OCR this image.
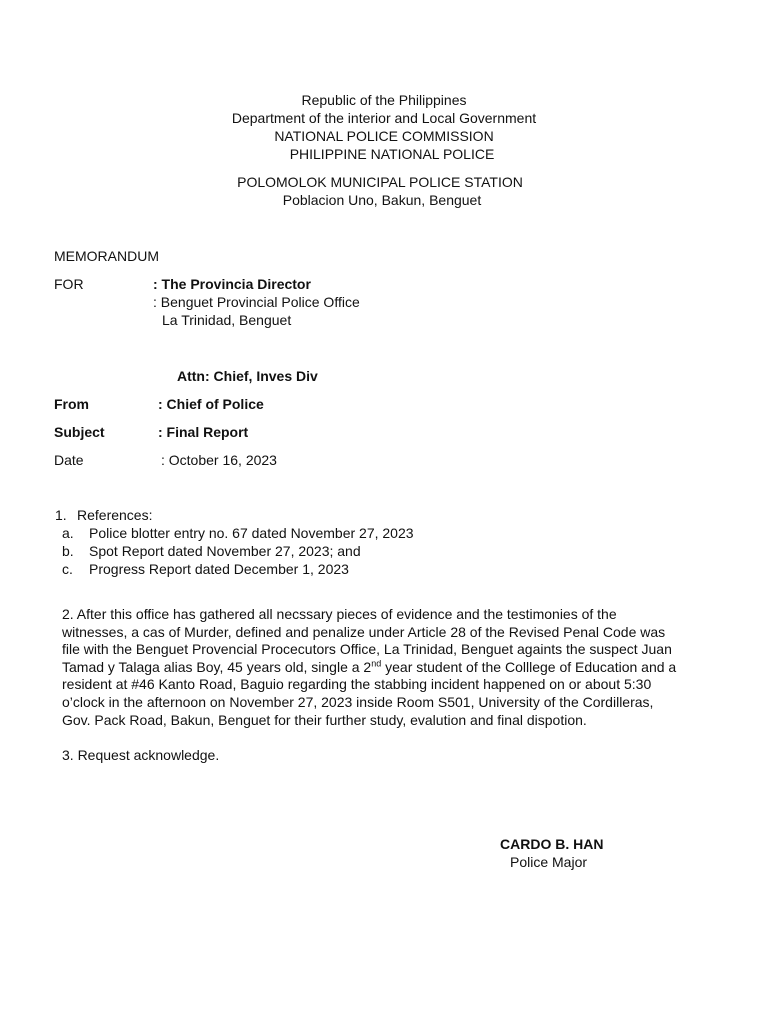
Republic of the Philippines
Department of the interior and Local Government
NATIONAL POLICE COMMISSION
PHILIPPINE NATIONAL POLICE
POLOMOLOK MUNICIPAL POLICE STATION
Poblacion Uno, Bakun, Benguet
MEMORANDUM
FOR	: The Provincia Director
: Benguet Provincial Police Office
La Trinidad, Benguet
Attn: Chief, Inves Div
From	: Chief of Police
Subject	: Final Report
Date	: October 16, 2023
1. References:
a. Police blotter entry no. 67 dated November 27, 2023
b. Spot Report dated November 27, 2023; and
c. Progress Report dated December 1, 2023
2. After this office has gathered all necssary pieces of evidence and the testimonies of the witnesses, a cas of Murder, defined and penalize under Article 28 of the Revised Penal Code was file with the Benguet Provencial Procecutors Office, La Trinidad, Benguet againts the suspect Juan Tamad y Talaga alias Boy, 45 years old, single a 2nd year student of the Colllege of Education and a resident at #46 Kanto Road, Baguio regarding the stabbing incident happened on or about 5:30 o’clock in the afternoon on November 27, 2023 inside Room S501, University of the Cordilleras, Gov. Pack Road, Bakun, Benguet for their further study, evalution and final dispotion.
3. Request acknowledge.
CARDO B. HAN
Police Major
